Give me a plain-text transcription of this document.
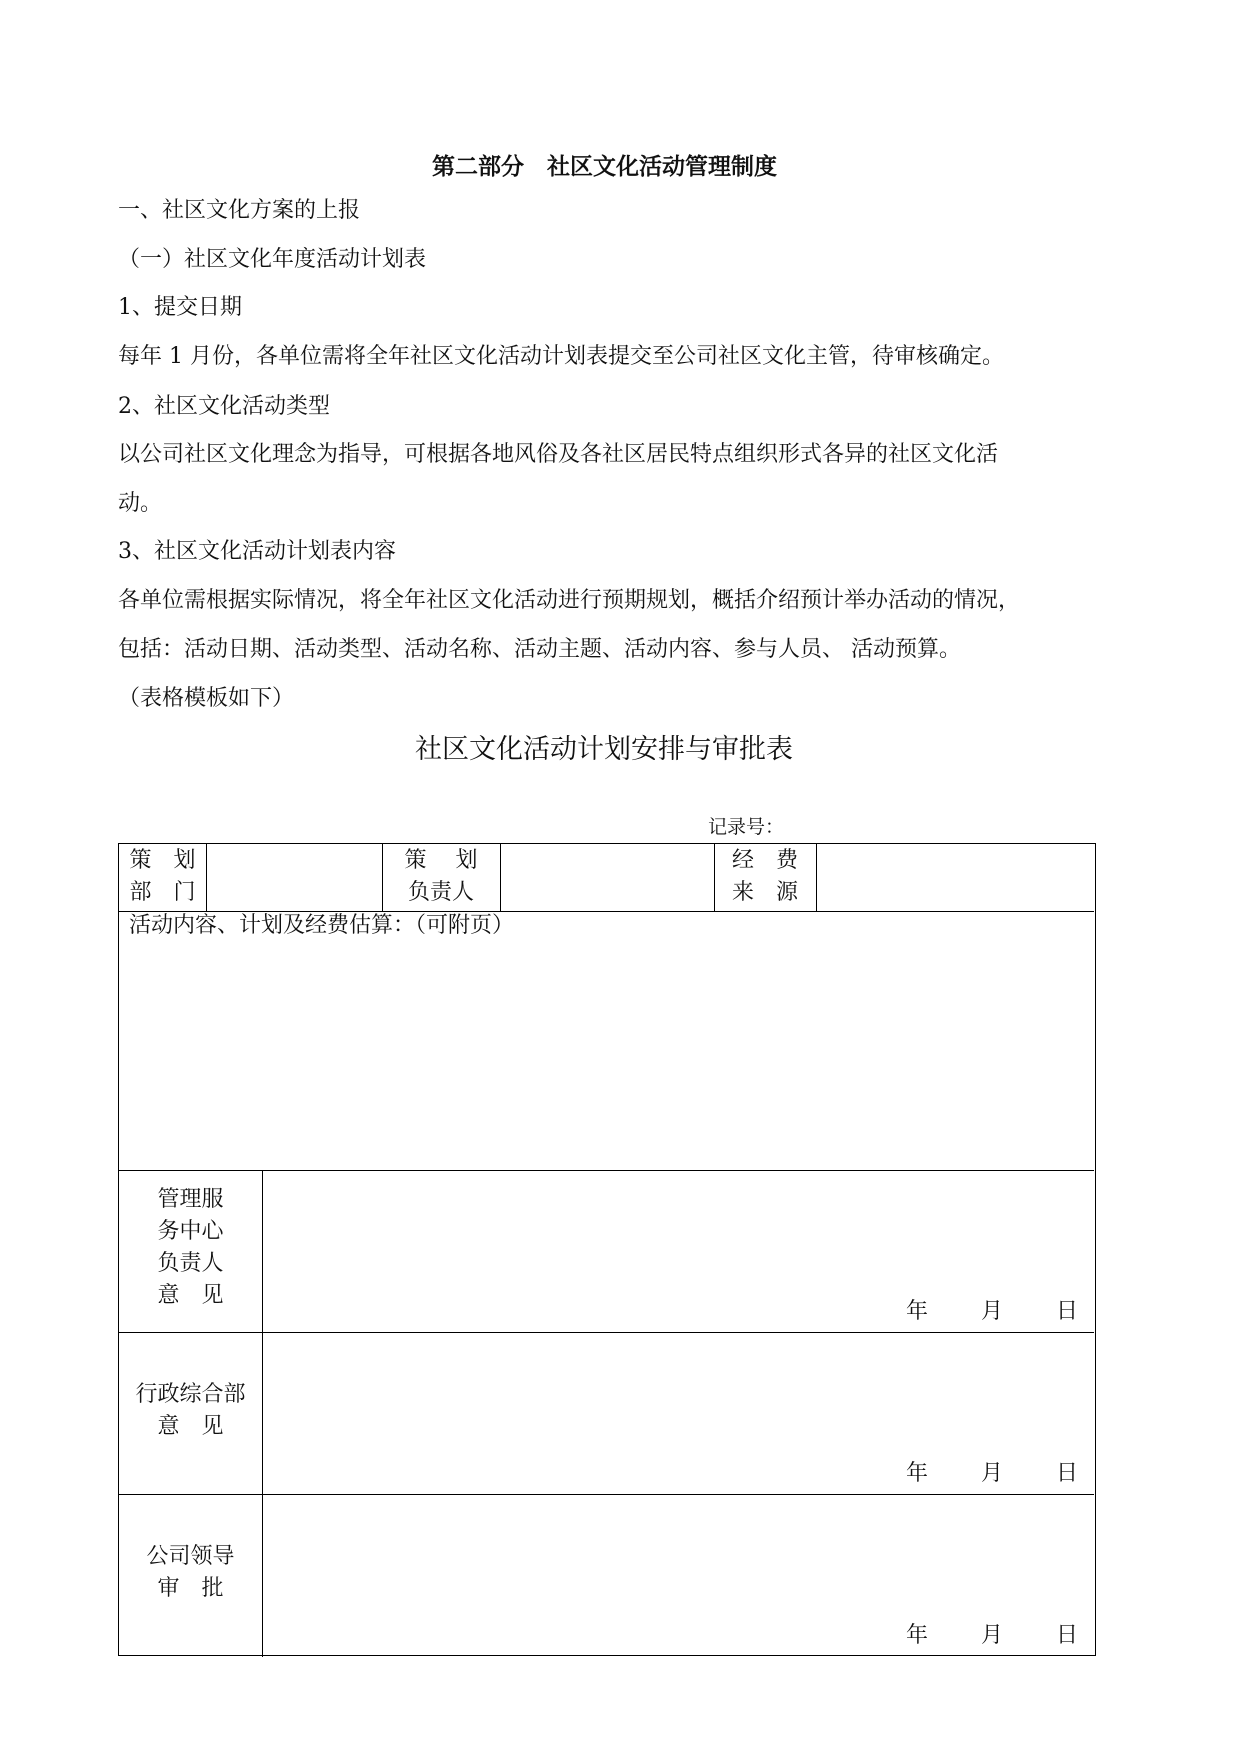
第二部分　社区文化活动管理制度
一、社区文化方案的上报
（一）社区文化年度活动计划表
1、提交日期
每年 1 月份，各单位需将全年社区文化活动计划表提交至公司社区文化主管，待审核确定。
2、社区文化活动类型
以公司社区文化理念为指导，可根据各地风俗及各社区居民特点组织形式各异的社区文化活
动。
3、社区文化活动计划表内容
各单位需根据实际情况，将全年社区文化活动进行预期规划，概括介绍预计举办活动的情况，
包括：活动日期、活动类型、活动名称、活动主题、活动内容、参与人员、 活动预算。
（表格模板如下）
社区文化活动计划安排与审批表
记录号：
策　划
部　门
策　 划
负责人
经　费
来　源
活动内容、计划及经费估算：（可附页）
管理服
务中心
负责人
意　见
年 月 日
行政综合部
意　见
年 月 日
公司领导
审　批
年 月 日
